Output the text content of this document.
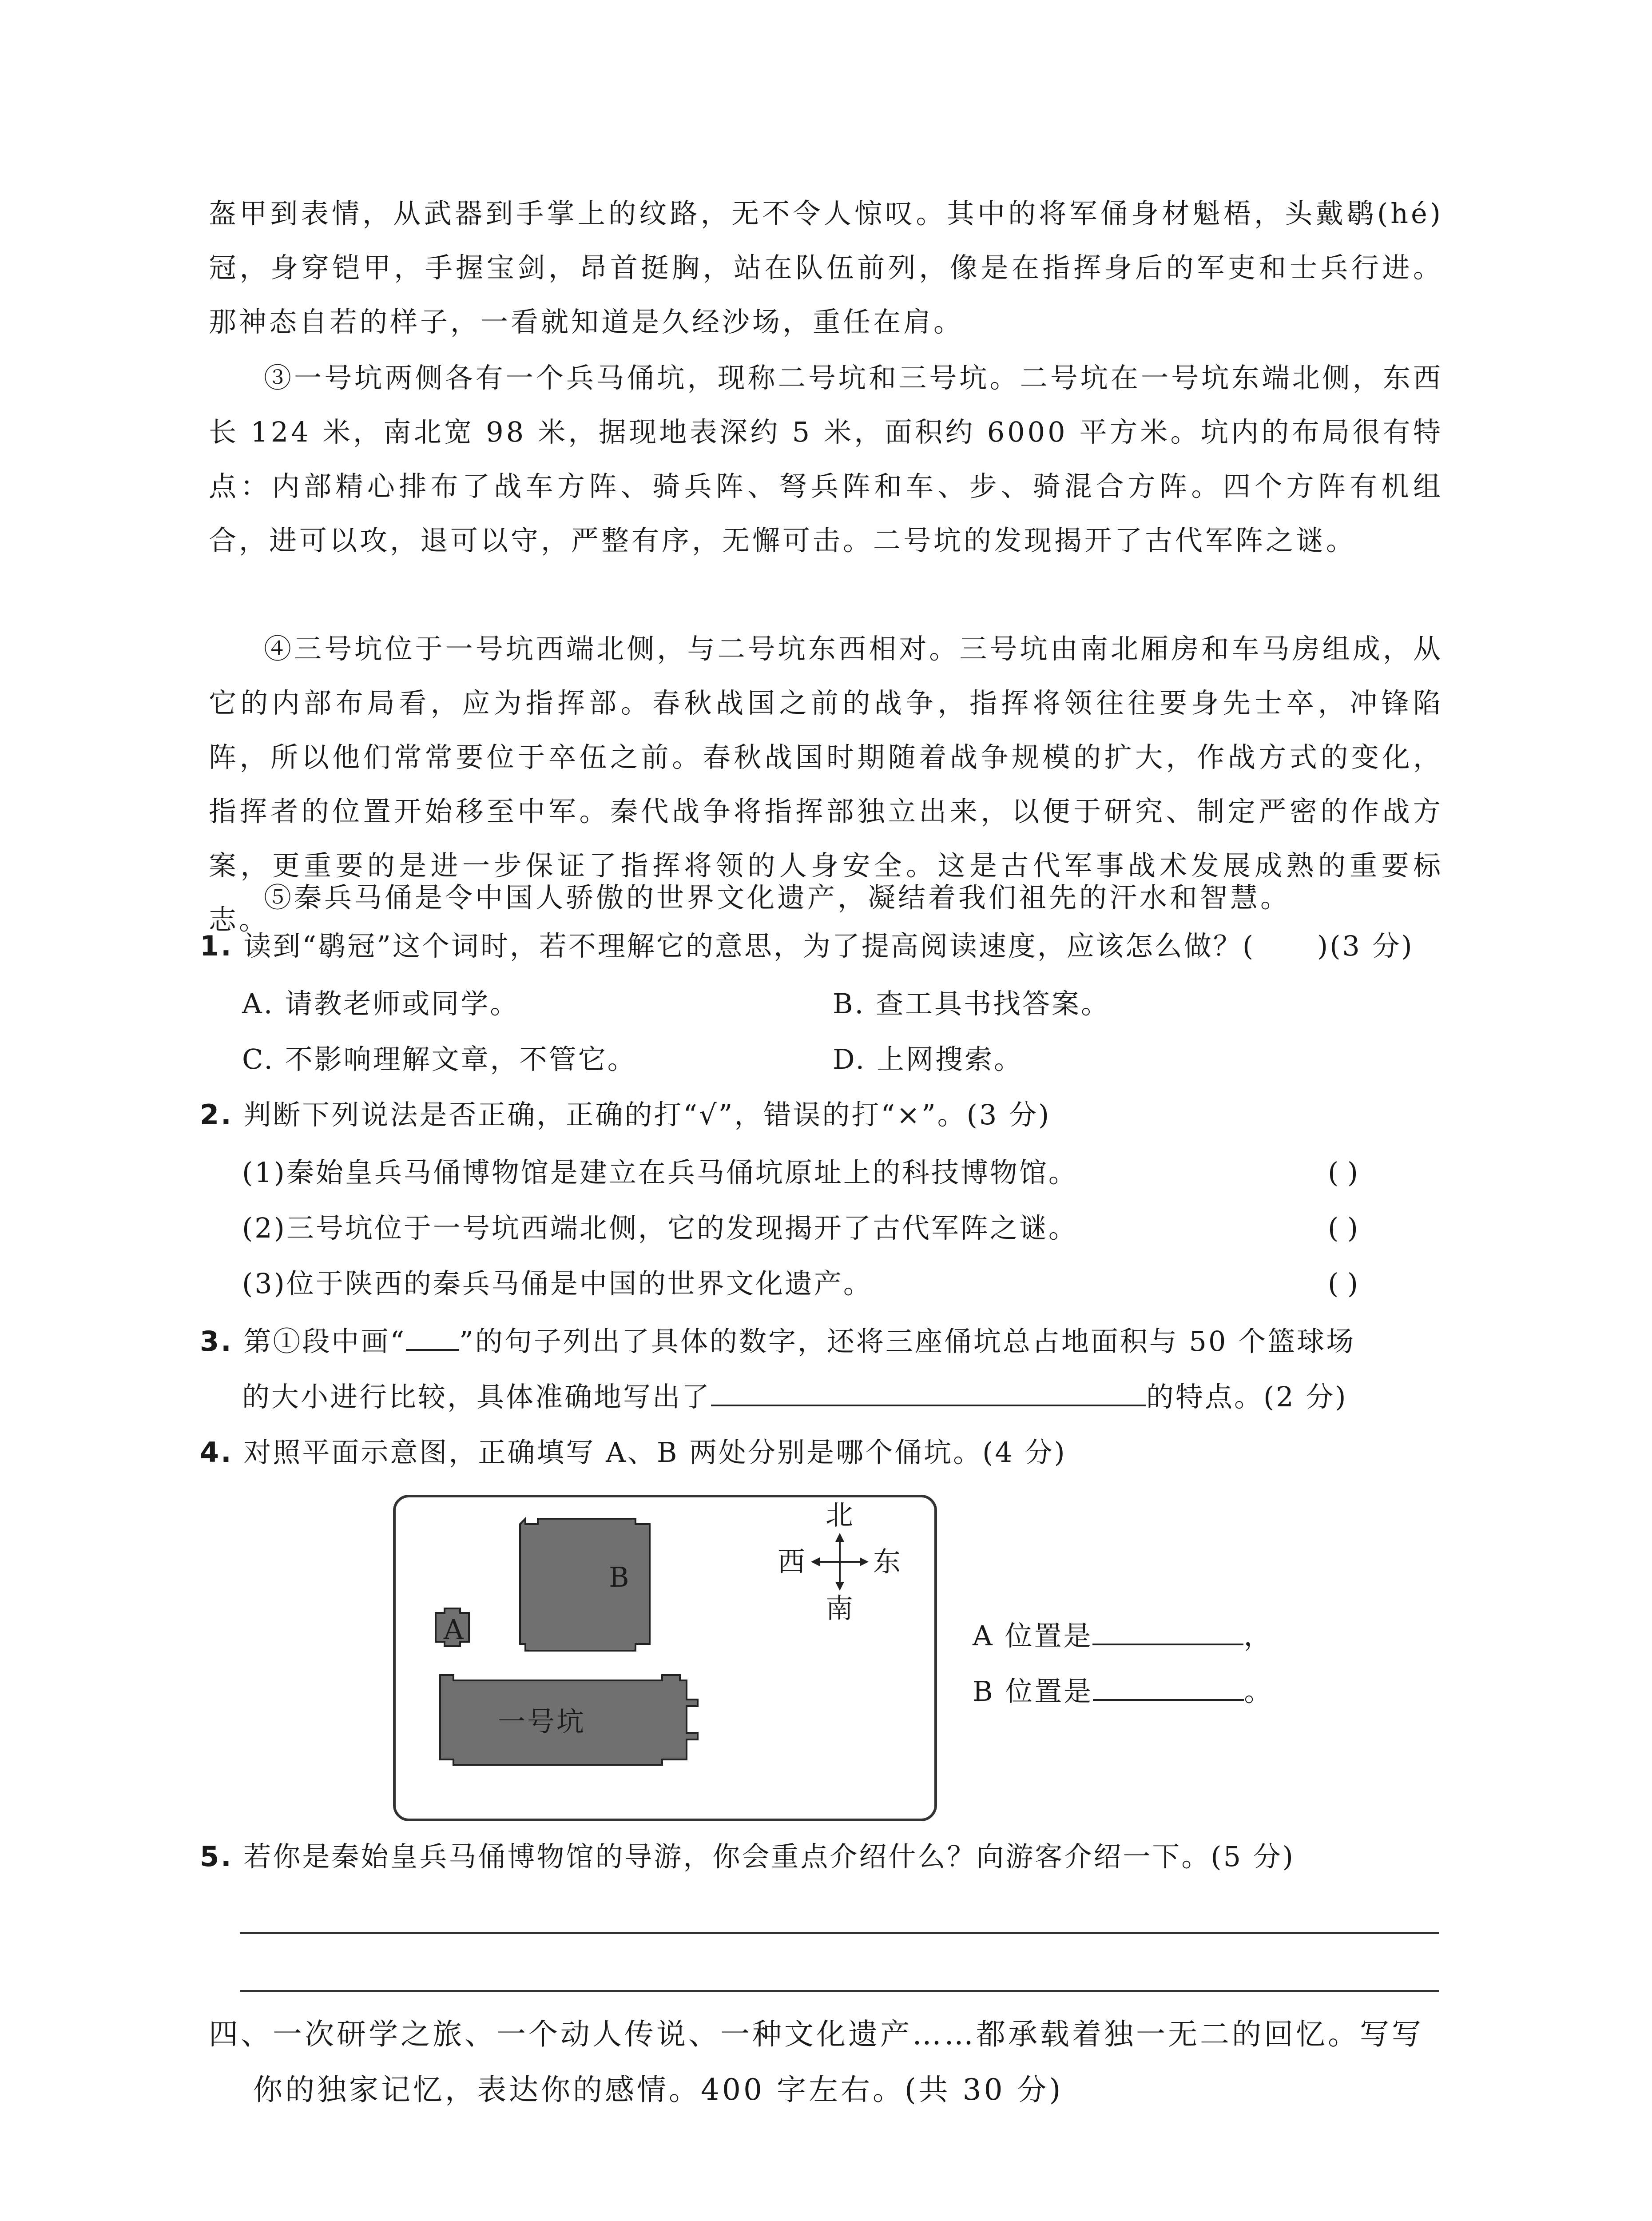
盔甲到表情，从武器到手掌上的纹路，无不令人惊叹。其中的将军俑身材魁梧，头戴鹖(hé)冠，身穿铠甲，手握宝剑，昂首挺胸，站在队伍前列，像是在指挥身后的军吏和士兵行进。那神态自若的样子，一看就知道是久经沙场，重任在肩。

③一号坑两侧各有一个兵马俑坑，现称二号坑和三号坑。二号坑在一号坑东端北侧，东西长 124 米，南北宽 98 米，据现地表深约 5 米，面积约 6000 平方米。坑内的布局很有特点：内部精心排布了战车方阵、骑兵阵、弩兵阵和车、步、骑混合方阵。四个方阵有机组合，进可以攻，退可以守，严整有序，无懈可击。二号坑的发现揭开了古代军阵之谜。

④三号坑位于一号坑西端北侧，与二号坑东西相对。三号坑由南北厢房和车马房组成，从它的内部布局看，应为指挥部。春秋战国之前的战争，指挥将领往往要身先士卒，冲锋陷阵，所以他们常常要位于卒伍之前。春秋战国时期随着战争规模的扩大，作战方式的变化，指挥者的位置开始移至中军。秦代战争将指挥部独立出来，以便于研究、制定严密的作战方案，更重要的是进一步保证了指挥将领的人身安全。这是古代军事战术发展成熟的重要标志。

⑤秦兵马俑是令中国人骄傲的世界文化遗产，凝结着我们祖先的汗水和智慧。

1. 读到“鹖冠”这个词时，若不理解它的意思，为了提高阅读速度，应该怎么做？( )(3 分)
A. 请教老师或同学。	B. 查工具书找答案。
C. 不影响理解文章，不管它。	D. 上网搜索。
2. 判断下列说法是否正确，正确的打“√”，错误的打“×”。(3 分)
(1)秦始皇兵马俑博物馆是建立在兵马俑坑原址上的科技博物馆。	( )
(2)三号坑位于一号坑西端北侧，它的发现揭开了古代军阵之谜。	( )
(3)位于陕西的秦兵马俑是中国的世界文化遗产。	( )
3. 第①段中画“ ”的句子列出了具体的数字，还将三座俑坑总占地面积与 50 个篮球场
的大小进行比较，具体准确地写出了	的特点。(2 分)
4. 对照平面示意图，正确填写 A、B 两处分别是哪个俑坑。(4 分)
B
A
一号坑
北
南
西 东
A 位置是	，
B 位置是	。
5. 若你是秦始皇兵马俑博物馆的导游，你会重点介绍什么？向游客介绍一下。(5 分)

四、一次研学之旅、一个动人传说、一种文化遗产……都承载着独一无二的回忆。写写

你的独家记忆，表达你的感情。400 字左右。(共 30 分)
